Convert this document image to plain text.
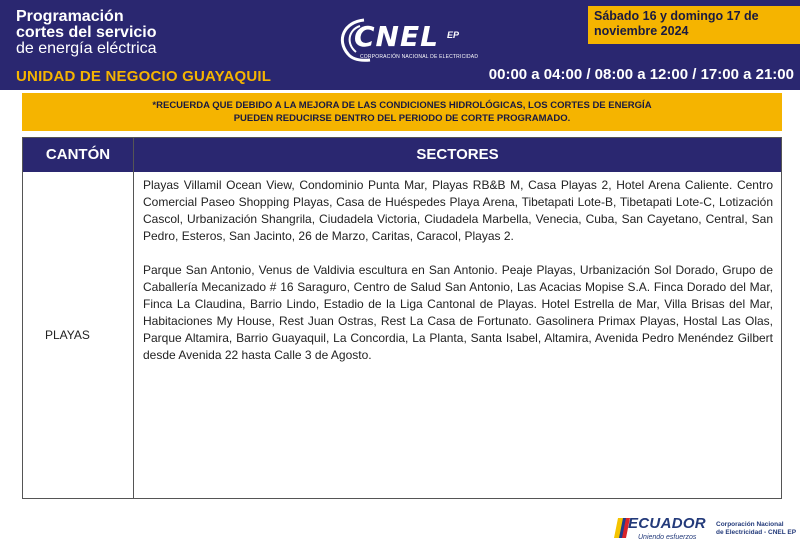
Programación
cortes del servicio
de energía eléctrica
UNIDAD DE NEGOCIO GUAYAQUIL
CNEL EP
CORPORACIÓN NACIONAL DE ELECTRICIDAD
Sábado 16 y domingo 17 de noviembre 2024
00:00 a 04:00 / 08:00 a 12:00 / 17:00 a 21:00
*RECUERDA QUE DEBIDO A LA MEJORA DE LAS CONDICIONES HIDROLÓGICAS, LOS CORTES DE ENERGÍA
PUEDEN REDUCIRSE DENTRO DEL PERIODO DE CORTE PROGRAMADO.
CANTÓN	SECTORES
PLAYAS

Playas Villamil Ocean View, Condominio Punta Mar, Playas RB&B M, Casa Playas 2, Hotel Arena Caliente. Centro Comercial Paseo Shopping Playas, Casa de Huéspedes Playa Arena, Tibetapati Lote-B, Tibetapati Lote-C, Lotización Cascol, Urbanización Shangrila, Ciudadela Victoria, Ciudadela Marbella, Venecia, Cuba, San Cayetano, Central, San Pedro, Esteros, San Jacinto, 26 de Marzo, Caritas, Caracol, Playas 2.

Parque San Antonio, Venus de Valdivia escultura en San Antonio. Peaje Playas, Urbanización Sol Dorado, Grupo de Caballería Mecanizado # 16 Saraguro, Centro de Salud San Antonio, Las Acacias Mopise S.A. Finca Dorado del Mar, Finca La Claudina, Barrio Lindo, Estadio de la Liga Cantonal de Playas. Hotel Estrella de Mar, Villa Brisas del Mar, Habitaciones My House, Rest Juan Ostras, Rest La Casa de Fortunato. Gasolinera Primax Playas, Hostal Las Olas, Parque Altamira, Barrio Guayaquil, La Concordia, La Planta, Santa Isabel, Altamira, Avenida Pedro Menéndez Gilbert desde Avenida 22 hasta Calle 3 de Agosto.

ECUADOR
Uniendo esfuerzos
Corporación Nacional
de Electricidad - CNEL EP
